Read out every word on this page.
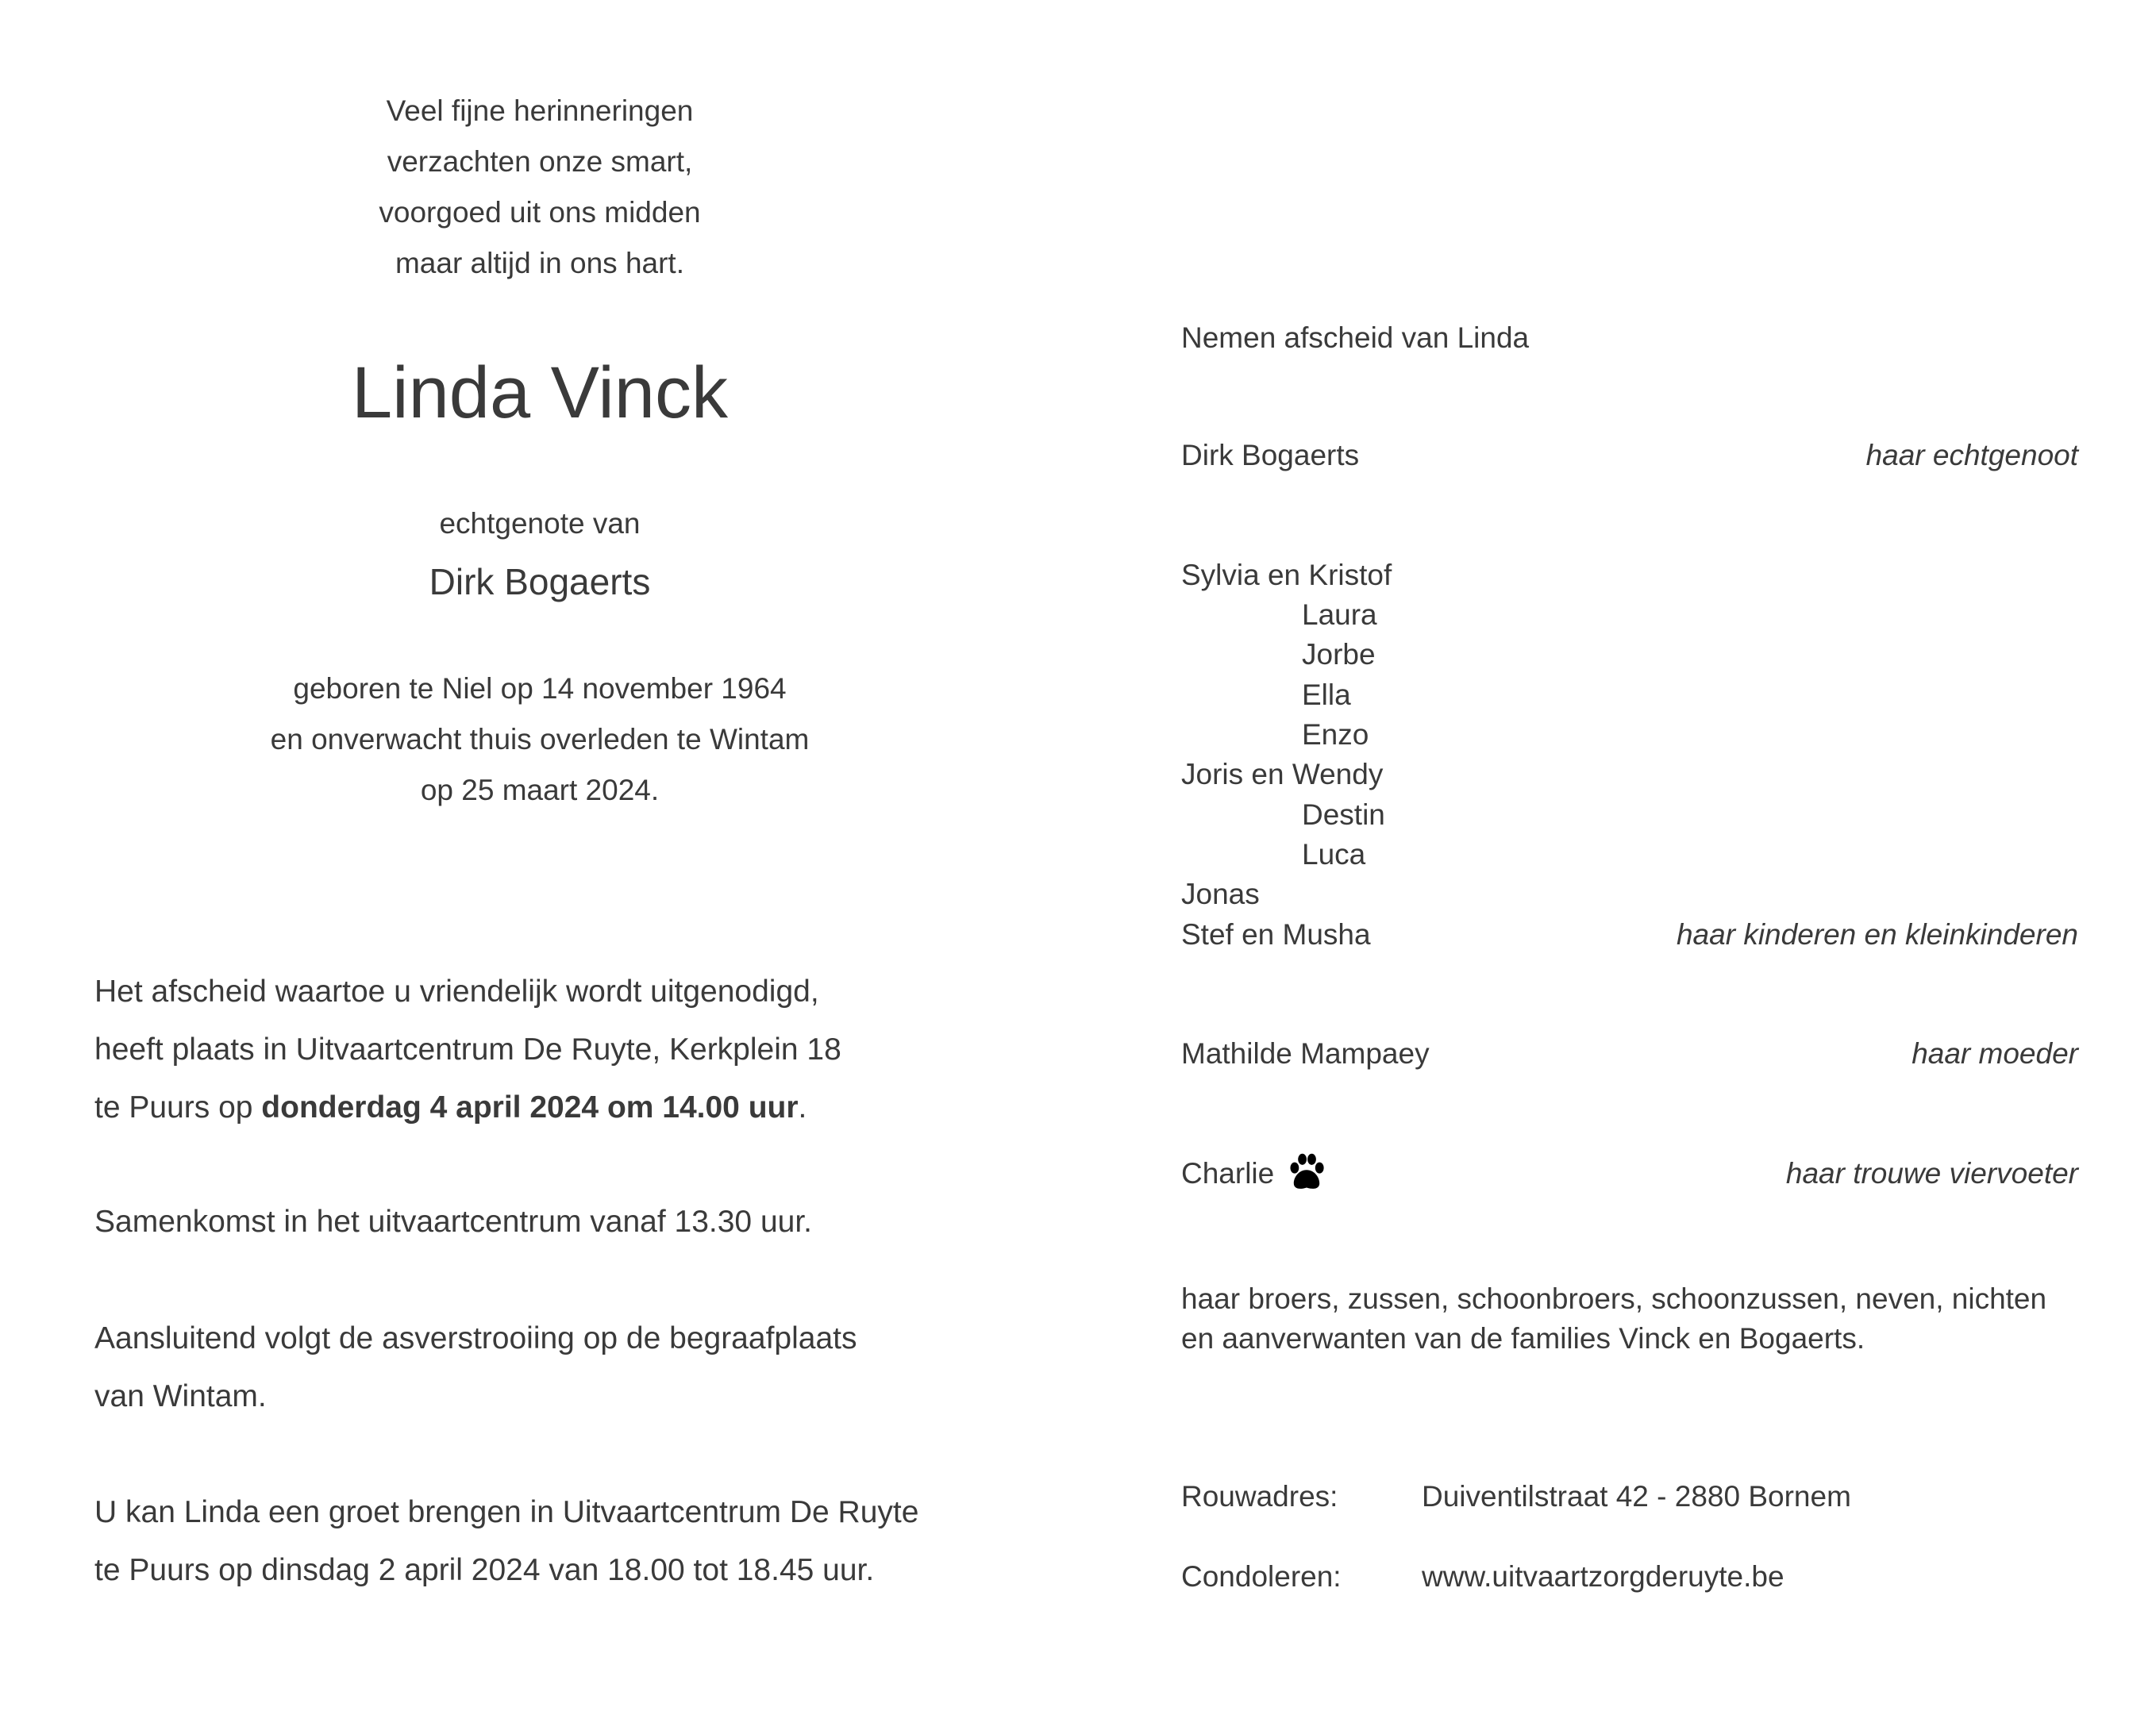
Veel fijne herinneringen
verzachten onze smart,
voorgoed uit ons midden
maar altijd in ons hart.
Linda Vinck
echtgenote van
Dirk Bogaerts
geboren te Niel op 14 november 1964
en onverwacht thuis overleden te Wintam
op 25 maart 2024.
Het afscheid waartoe u vriendelijk wordt uitgenodigd,
heeft plaats in Uitvaartcentrum De Ruyte, Kerkplein 18
te Puurs op donderdag 4 april 2024 om 14.00 uur.
Samenkomst in het uitvaartcentrum vanaf 13.30 uur.
Aansluitend volgt de asverstrooiing op de begraafplaats
van Wintam.
U kan Linda een groet brengen in Uitvaartcentrum De Ruyte
te Puurs op dinsdag 2 april 2024 van 18.00 tot 18.45 uur.
Nemen afscheid van Linda
Dirk Bogaerts	haar echtgenoot
Sylvia en Kristof
Laura
Jorbe
Ella
Enzo
Joris en Wendy
Destin
Luca
Jonas
Stef en Musha	haar kinderen en kleinkinderen
Mathilde Mampaey	haar moeder
Charlie	haar trouwe viervoeter
haar broers, zussen, schoonbroers, schoonzussen, neven, nichten
en aanverwanten van de families Vinck en Bogaerts.
Rouwadres:	Duiventilstraat 42 - 2880 Bornem
Condoleren:	www.uitvaartzorgderuyte.be
